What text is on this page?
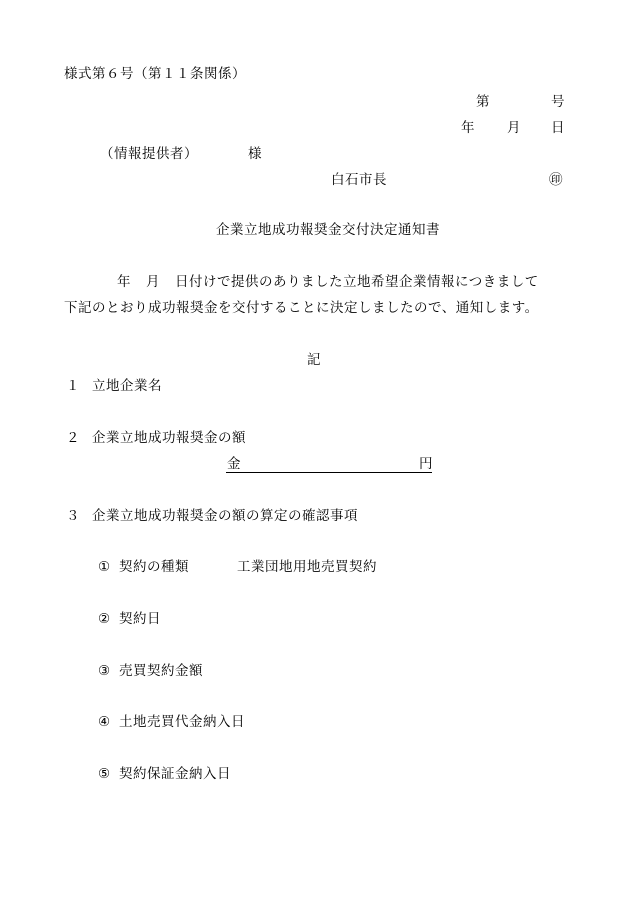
様式第６号（第１１条関係）
第	号
年 月 日
（情報提供者）	様
白石市長	㊞
企業立地成功報奨金交付決定通知書
年 月 日付けで提供のありました立地希望企業情報につきまして
下記のとおり成功報奨金を交付することに決定しましたので、通知します。
記
１ 立地企業名
２ 企業立地成功報奨金の額
金	円
３ 企業立地成功報奨金の額の算定の確認事項
① 契約の種類	工業団地用地売買契約
② 契約日
③ 売買契約金額
④ 土地売買代金納入日
⑤ 契約保証金納入日
